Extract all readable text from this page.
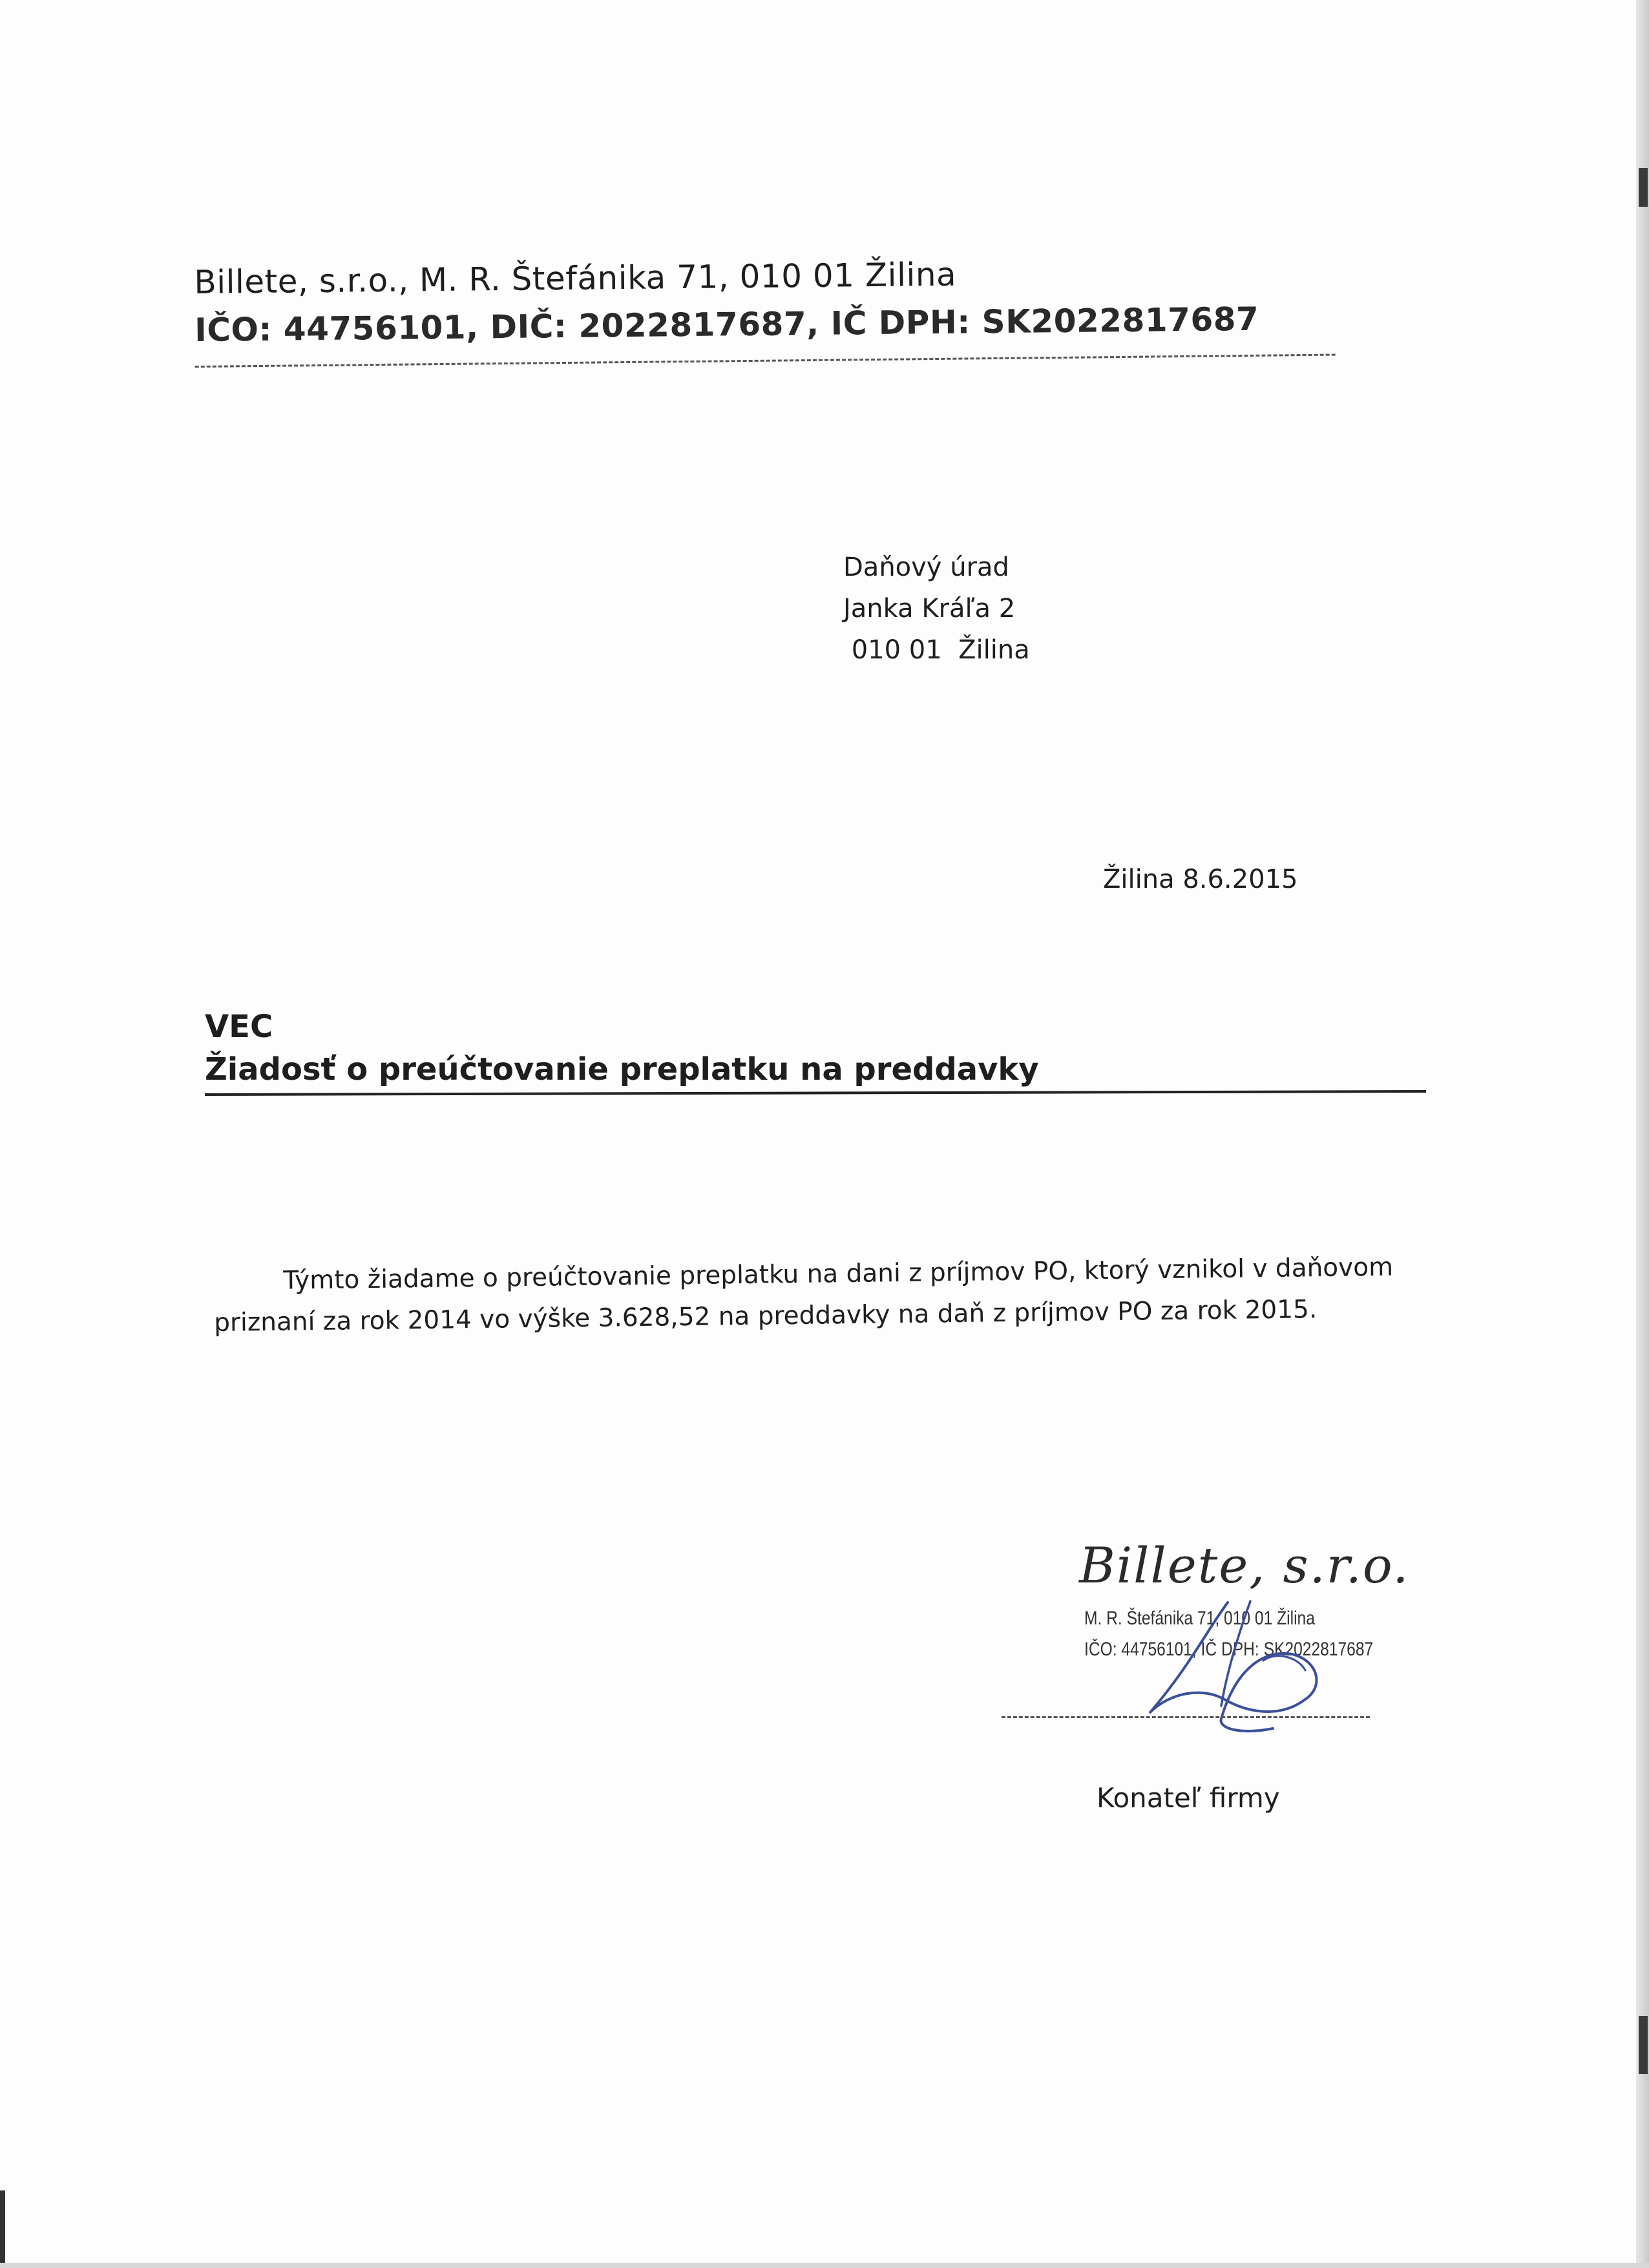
Billete, s.r.o., M. R. Štefánika 71, 010 01 Žilina
IČO: 44756101, DIČ: 2022817687, IČ DPH: SK2022817687
Daňový úrad
Janka Kráľa 2
010 01  Žilina
Žilina 8.6.2015
VEC
Žiadosť o preúčtovanie preplatku na preddavky

Týmto žiadame o preúčtovanie preplatku na dani z príjmov PO, ktorý vznikol v daňovom

priznaní za rok 2014 vo výške 3.628,52 na preddavky na daň z príjmov PO za rok 2015.

Billete, s.r.o.
M. R. Štefánika 71, 010 01 Žilina
IČO: 44756101, IČ DPH: SK2022817687
Konateľ firmy
